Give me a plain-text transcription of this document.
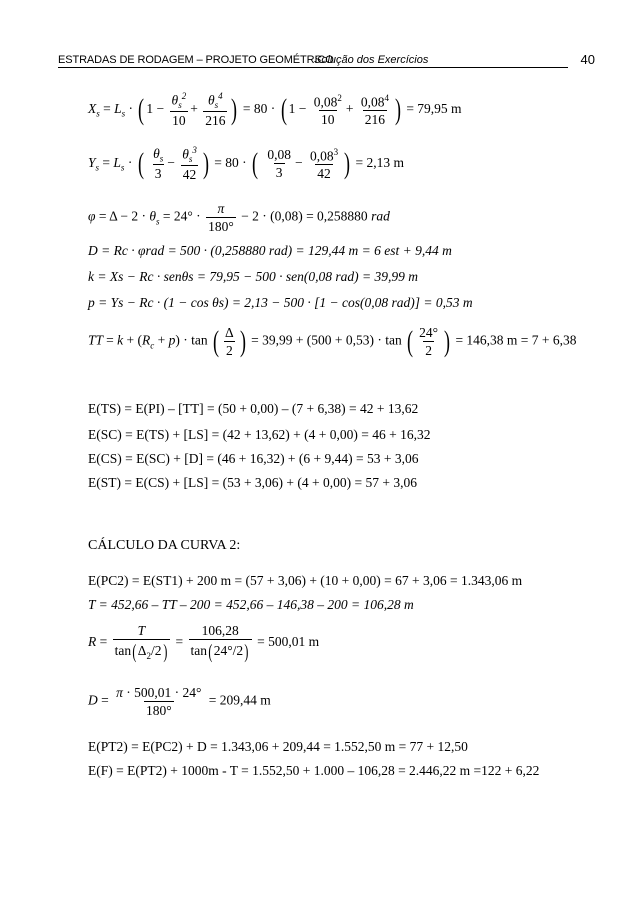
ESTRADAS DE RODAGEM – PROJETO GEOMÉTRICO
Solução dos Exercícios	40
$X_s = L_s$ · ( $1 - \frac{\theta_s^2}{10} + \frac{\theta_s^4}{216}$ ) = 80 · ( $1 - \frac{0,08^2}{10} + \frac{0,08^4}{216}$ ) = 79,95 m
$Y_s = L_s$ · ( $\frac{\theta_s}{3} - \frac{\theta_s^3}{42}$ ) = 80 · ( $\frac{0,08}{3} - \frac{0,08^3}{42}$ ) = 2,13 m
$\varphi = \Delta - 2 \cdot \theta_s = 24^\circ \cdot \frac{\pi}{180^\circ} - 2 \cdot (0,08) = 0,258880$ rad
D = Rc · φrad = 500 · (0,258880 rad) = 129,44 m = 6 est + 9,44 m
k = Xs − Rc · senθs = 79,95 − 500 · sen(0,08 rad) = 39,99 m
p = Ys − Rc · (1 − cos θs) = 2,13 − 500 · [1 − cos(0,08 rad)] = 0,53 m
TT = $k + (R_c + p) \cdot \tan$ ( $\frac{\Delta}{2}$ ) = 39,99 + (500 + 0,53) · tan ( $\frac{24^\circ}{2}$ ) = 146,38 m = 7 + 6,38
E(TS) = E(PI) – [TT] = (50 + 0,00) – (7 + 6,38) = 42 + 13,62
E(SC) = E(TS) + [LS] = (42 + 13,62) + (4 + 0,00) = 46 + 16,32
E(CS) = E(SC) + [D] = (46 + 16,32) + (6 + 9,44) = 53 + 3,06
E(ST) = E(CS) + [LS] = (53 + 3,06) + (4 + 0,00) = 57 + 3,06
CÁLCULO DA CURVA 2:
E(PC2) = E(ST1) + 200 m = (57 + 3,06) + (10 + 0,00) = 67 + 3,06 = 1.343,06 m
T = 452,66 – TT – 200 = 452,66 – 146,38 – 200 = 106,28 m
$R = \frac{T}{\tan(\Delta_2/2)} = \frac{106,28}{\tan(24^\circ/2)} = 500,01$ m
$D = \frac{\pi \cdot 500,01 \cdot 24^\circ}{180^\circ} = 209,44$ m
E(PT2) = E(PC2) + D = 1.343,06 + 209,44 = 1.552,50 m = 77 + 12,50
E(F) = E(PT2) + 1000m - T = 1.552,50 + 1.000 – 106,28 = 2.446,22 m =122 + 6,22
